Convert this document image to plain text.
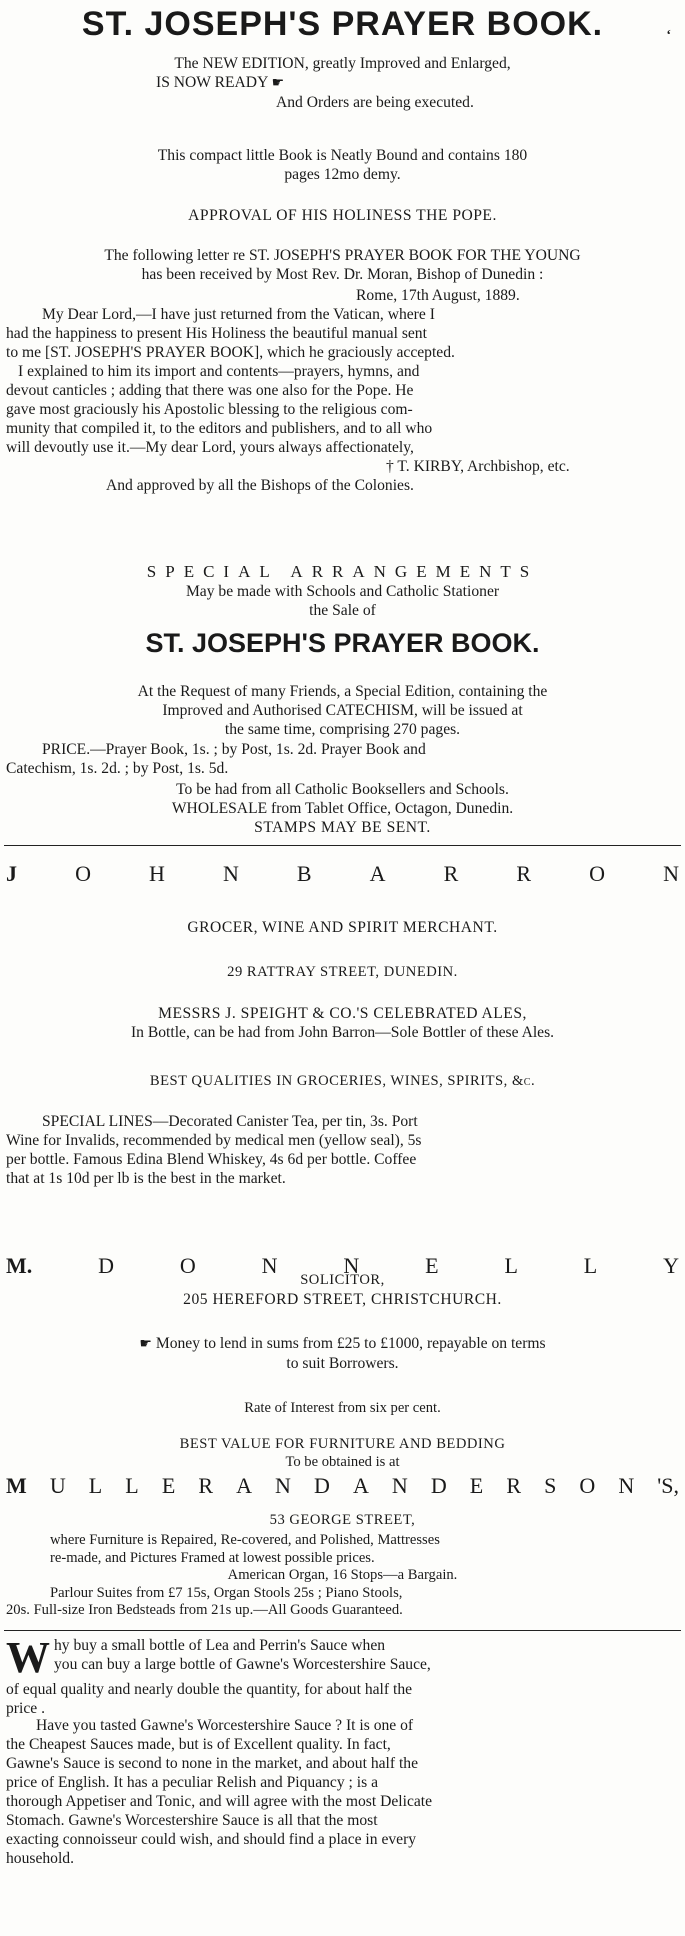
ST. JOSEPH'S PRAYER BOOK.	‘
The NEW EDITION, greatly Improved and Enlarged,
IS NOW READY ☛
And Orders are being executed.
This compact little Book is Neatly Bound and contains 180
pages 12mo demy.
APPROVAL OF HIS HOLINESS THE POPE.
The following letter re ST. JOSEPH'S PRAYER BOOK FOR THE YOUNG
has been received by Most Rev. Dr. Moran, Bishop of Dunedin :
Rome, 17th August, 1889.
My Dear Lord,—I have just returned from the Vatican, where I
had the happiness to present His Holiness the beautiful manual sent
to me [ST. JOSEPH'S PRAYER BOOK], which he graciously accepted.
I explained to him its import and contents—prayers, hymns, and
devout canticles ; adding that there was one also for the Pope. He
gave most graciously his Apostolic blessing to the religious com-
munity that compiled it, to the editors and publishers, and to all who
will devoutly use it.—My dear Lord, yours always affectionately,
† T. KIRBY, Archbishop, etc.
And approved by all the Bishops of the Colonies.
SPECIAL ARRANGEMENTS
May be made with Schools and Catholic Stationer
the Sale of
ST. JOSEPH'S PRAYER BOOK.
At the Request of many Friends, a Special Edition, containing the
Improved and Authorised CATECHISM, will be issued at
the same time, comprising 270 pages.
PRICE.—Prayer Book, 1s. ; by Post, 1s. 2d. Prayer Book and
Catechism, 1s. 2d. ; by Post, 1s. 5d.
To be had from all Catholic Booksellers and Schools.
WHOLESALE from Tablet Office, Octagon, Dunedin.
STAMPS MAY BE SENT.
J	O	H	N	B	A	R	R	O	N
GROCER, WINE AND SPIRIT MERCHANT.
29 RATTRAY STREET, DUNEDIN.
MESSRS J. SPEIGHT & CO.'S CELEBRATED ALES,
In Bottle, can be had from John Barron—Sole Bottler of these Ales.
BEST QUALITIES IN GROCERIES, WINES, SPIRITS, &c.
SPECIAL LINES—Decorated Canister Tea, per tin, 3s. Port
Wine for Invalids, recommended by medical men (yellow seal), 5s
per bottle. Famous Edina Blend Whiskey, 4s 6d per bottle. Coffee
that at 1s 10d per lb is the best in the market.
M.	D	O	N	N	E	L	L	Y
SOLICITOR,
205 HEREFORD STREET, CHRISTCHURCH.
☛ Money to lend in sums from £25 to £1000, repayable on terms
to suit Borrowers.
Rate of Interest from six per cent.
BEST VALUE FOR FURNITURE AND BEDDING
To be obtained is at
M U L L E R A N D A N D E R S O N 'S,
53 GEORGE STREET,
where Furniture is Repaired, Re-covered, and Polished, Mattresses
re-made, and Pictures Framed at lowest possible prices.
American Organ, 16 Stops—a Bargain.
Parlour Suites from £7 15s, Organ Stools 25s ; Piano Stools,
20s. Full-size Iron Bedsteads from 21s up.—All Goods Guaranteed.
W hy buy a small bottle of Lea and Perrin's Sauce when
you can buy a large bottle of Gawne's Worcestershire Sauce,
of equal quality and nearly double the quantity, for about half the
price .
Have you tasted Gawne's Worcestershire Sauce ? It is one of
the Cheapest Sauces made, but is of Excellent quality. In fact,
Gawne's Sauce is second to none in the market, and about half the
price of English. It has a peculiar Relish and Piquancy ; is a
thorough Appetiser and Tonic, and will agree with the most Delicate
Stomach. Gawne's Worcestershire Sauce is all that the most
exacting connoisseur could wish, and should find a place in every
household.
